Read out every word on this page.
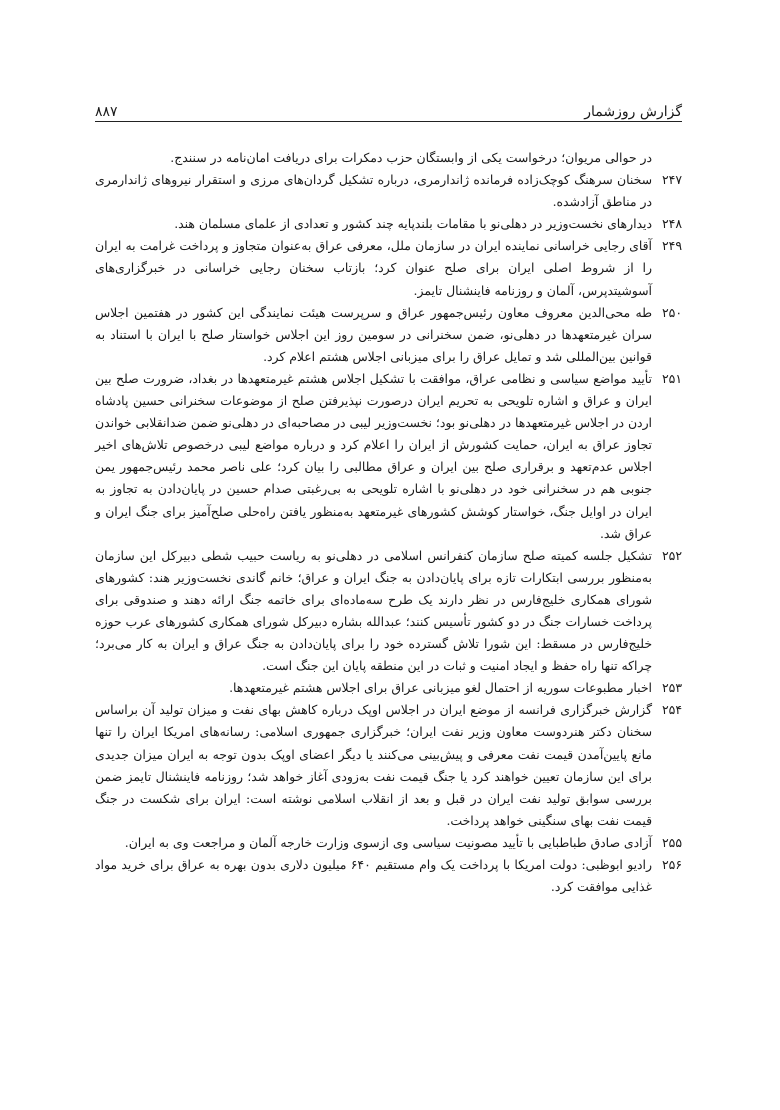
گزارش روزشمار
۸۸۷

در حوالی مریوان؛ درخواست یکی از وابستگان حزب دمکرات برای دریافت امان‌نامه در سنندج.

۲۴۷
سخنان سرهنگ کوچک‌زاده فرمانده ژاندارمری، درباره تشکیل گردان‌های مرزی و استقرار نیروهای ژاندارمری در مناطق آزادشده.

۲۴۸
دیدارهای نخست‌وزیر در دهلی‌نو با مقامات بلندپایه چند کشور و تعدادی از علمای مسلمان هند.

۲۴۹
آقای رجایی خراسانی نماینده ایران در سازمان ملل، معرفی عراق به‌عنوان متجاوز و پرداخت غرامت به ایران را از شروط اصلی ایران برای صلح عنوان کرد؛ بازتاب سخنان رجایی خراسانی در خبرگزاری‌های آسوشیتدپرس، آلمان و روزنامه فاینشنال تایمز.

۲۵۰
طه محی‌الدین معروف معاون رئیس‌جمهور عراق و سرپرست هیئت نمایندگی این کشور در هفتمین اجلاس سران غیرمتعهدها در دهلی‌نو، ضمن سخنرانی در سومین روز این اجلاس خواستار صلح با ایران با استناد به قوانین بین‌المللی شد و تمایل عراق را برای میزبانی اجلاس هشتم اعلام کرد.

۲۵۱
تأیید مواضع سیاسی و نظامی عراق، موافقت با تشکیل اجلاس هشتم غیرمتعهدها در بغداد، ضرورت صلح بین ایران و عراق و اشاره تلویحی به تحریم ایران درصورت نپذیرفتن صلح از موضوعات سخنرانی حسین پادشاه اردن در اجلاس غیرمتعهدها در دهلی‌نو بود؛ نخست‌وزیر لیبی در مصاحبه‌ای در دهلی‌نو ضمن ضدانقلابی خواندن تجاوز عراق به ایران، حمایت کشورش از ایران را اعلام کرد و درباره مواضع لیبی درخصوص تلاش‌های اخیر اجلاس عدم‌تعهد و برقراری صلح بین ایران و عراق مطالبی را بیان کرد؛ علی ناصر محمد رئیس‌جمهور یمن جنوبی هم در سخنرانی خود در دهلی‌نو با اشاره تلویحی به بی‌رغبتی صدام حسین در پایان‌دادن به تجاوز به ایران در اوایل جنگ، خواستار کوشش کشورهای غیرمتعهد به‌منظور یافتن راه‌حلی صلح‌آمیز برای جنگ ایران و عراق شد.

۲۵۲
تشکیل جلسه کمیته صلح سازمان کنفرانس اسلامی در دهلی‌نو به ریاست حبیب شطی دبیرکل این سازمان به‌منظور بررسی ابتکارات تازه برای پایان‌دادن به جنگ ایران و عراق؛ خانم گاندی نخست‌وزیر هند: کشورهای شورای همکاری خلیج‌فارس در نظر دارند یک طرح سه‌ماده‌ای برای خاتمه جنگ ارائه دهند و صندوقی برای پرداخت خسارات جنگ در دو کشور تأسیس کنند؛ عبدالله بشاره دبیرکل شورای همکاری کشورهای عرب حوزه خلیج‌فارس در مسقط: این شورا تلاش گسترده خود را برای پایان‌دادن به جنگ عراق و ایران به کار می‌برد؛ چراکه تنها راه حفظ و ایجاد امنیت و ثبات در این منطقه پایان این جنگ است.

۲۵۳
اخبار مطبوعات سوریه از احتمال لغو میزبانی عراق برای اجلاس هشتم غیرمتعهدها.

۲۵۴
گزارش خبرگزاری فرانسه از موضع ایران در اجلاس اوپک درباره کاهش بهای نفت و میزان تولید آن براساس سخنان دکتر هنردوست معاون وزیر نفت ایران؛ خبرگزاری جمهوری اسلامی: رسانه‌های امریکا ایران را تنها مانع پایین‌آمدن قیمت نفت معرفی و پیش‌بینی می‌کنند یا دیگر اعضای اوپک بدون توجه به ایران میزان جدیدی برای این سازمان تعیین خواهند کرد یا جنگ قیمت نفت به‌زودی آغاز خواهد شد؛ روزنامه فاینشنال تایمز ضمن بررسی سوابق تولید نفت ایران در قبل و بعد از انقلاب اسلامی نوشته است: ایران برای شکست در جنگ قیمت نفت بهای سنگینی خواهد پرداخت.

۲۵۵
آزادی صادق طباطبایی با تأیید مصونیت سیاسی وی ازسوی وزارت خارجه آلمان و مراجعت وی به ایران.

۲۵۶
رادیو ابوظبی: دولت امریکا با پرداخت یک وام مستقیم ۶۴۰ میلیون دلاری بدون بهره به عراق برای خرید مواد غذایی موافقت کرد.
